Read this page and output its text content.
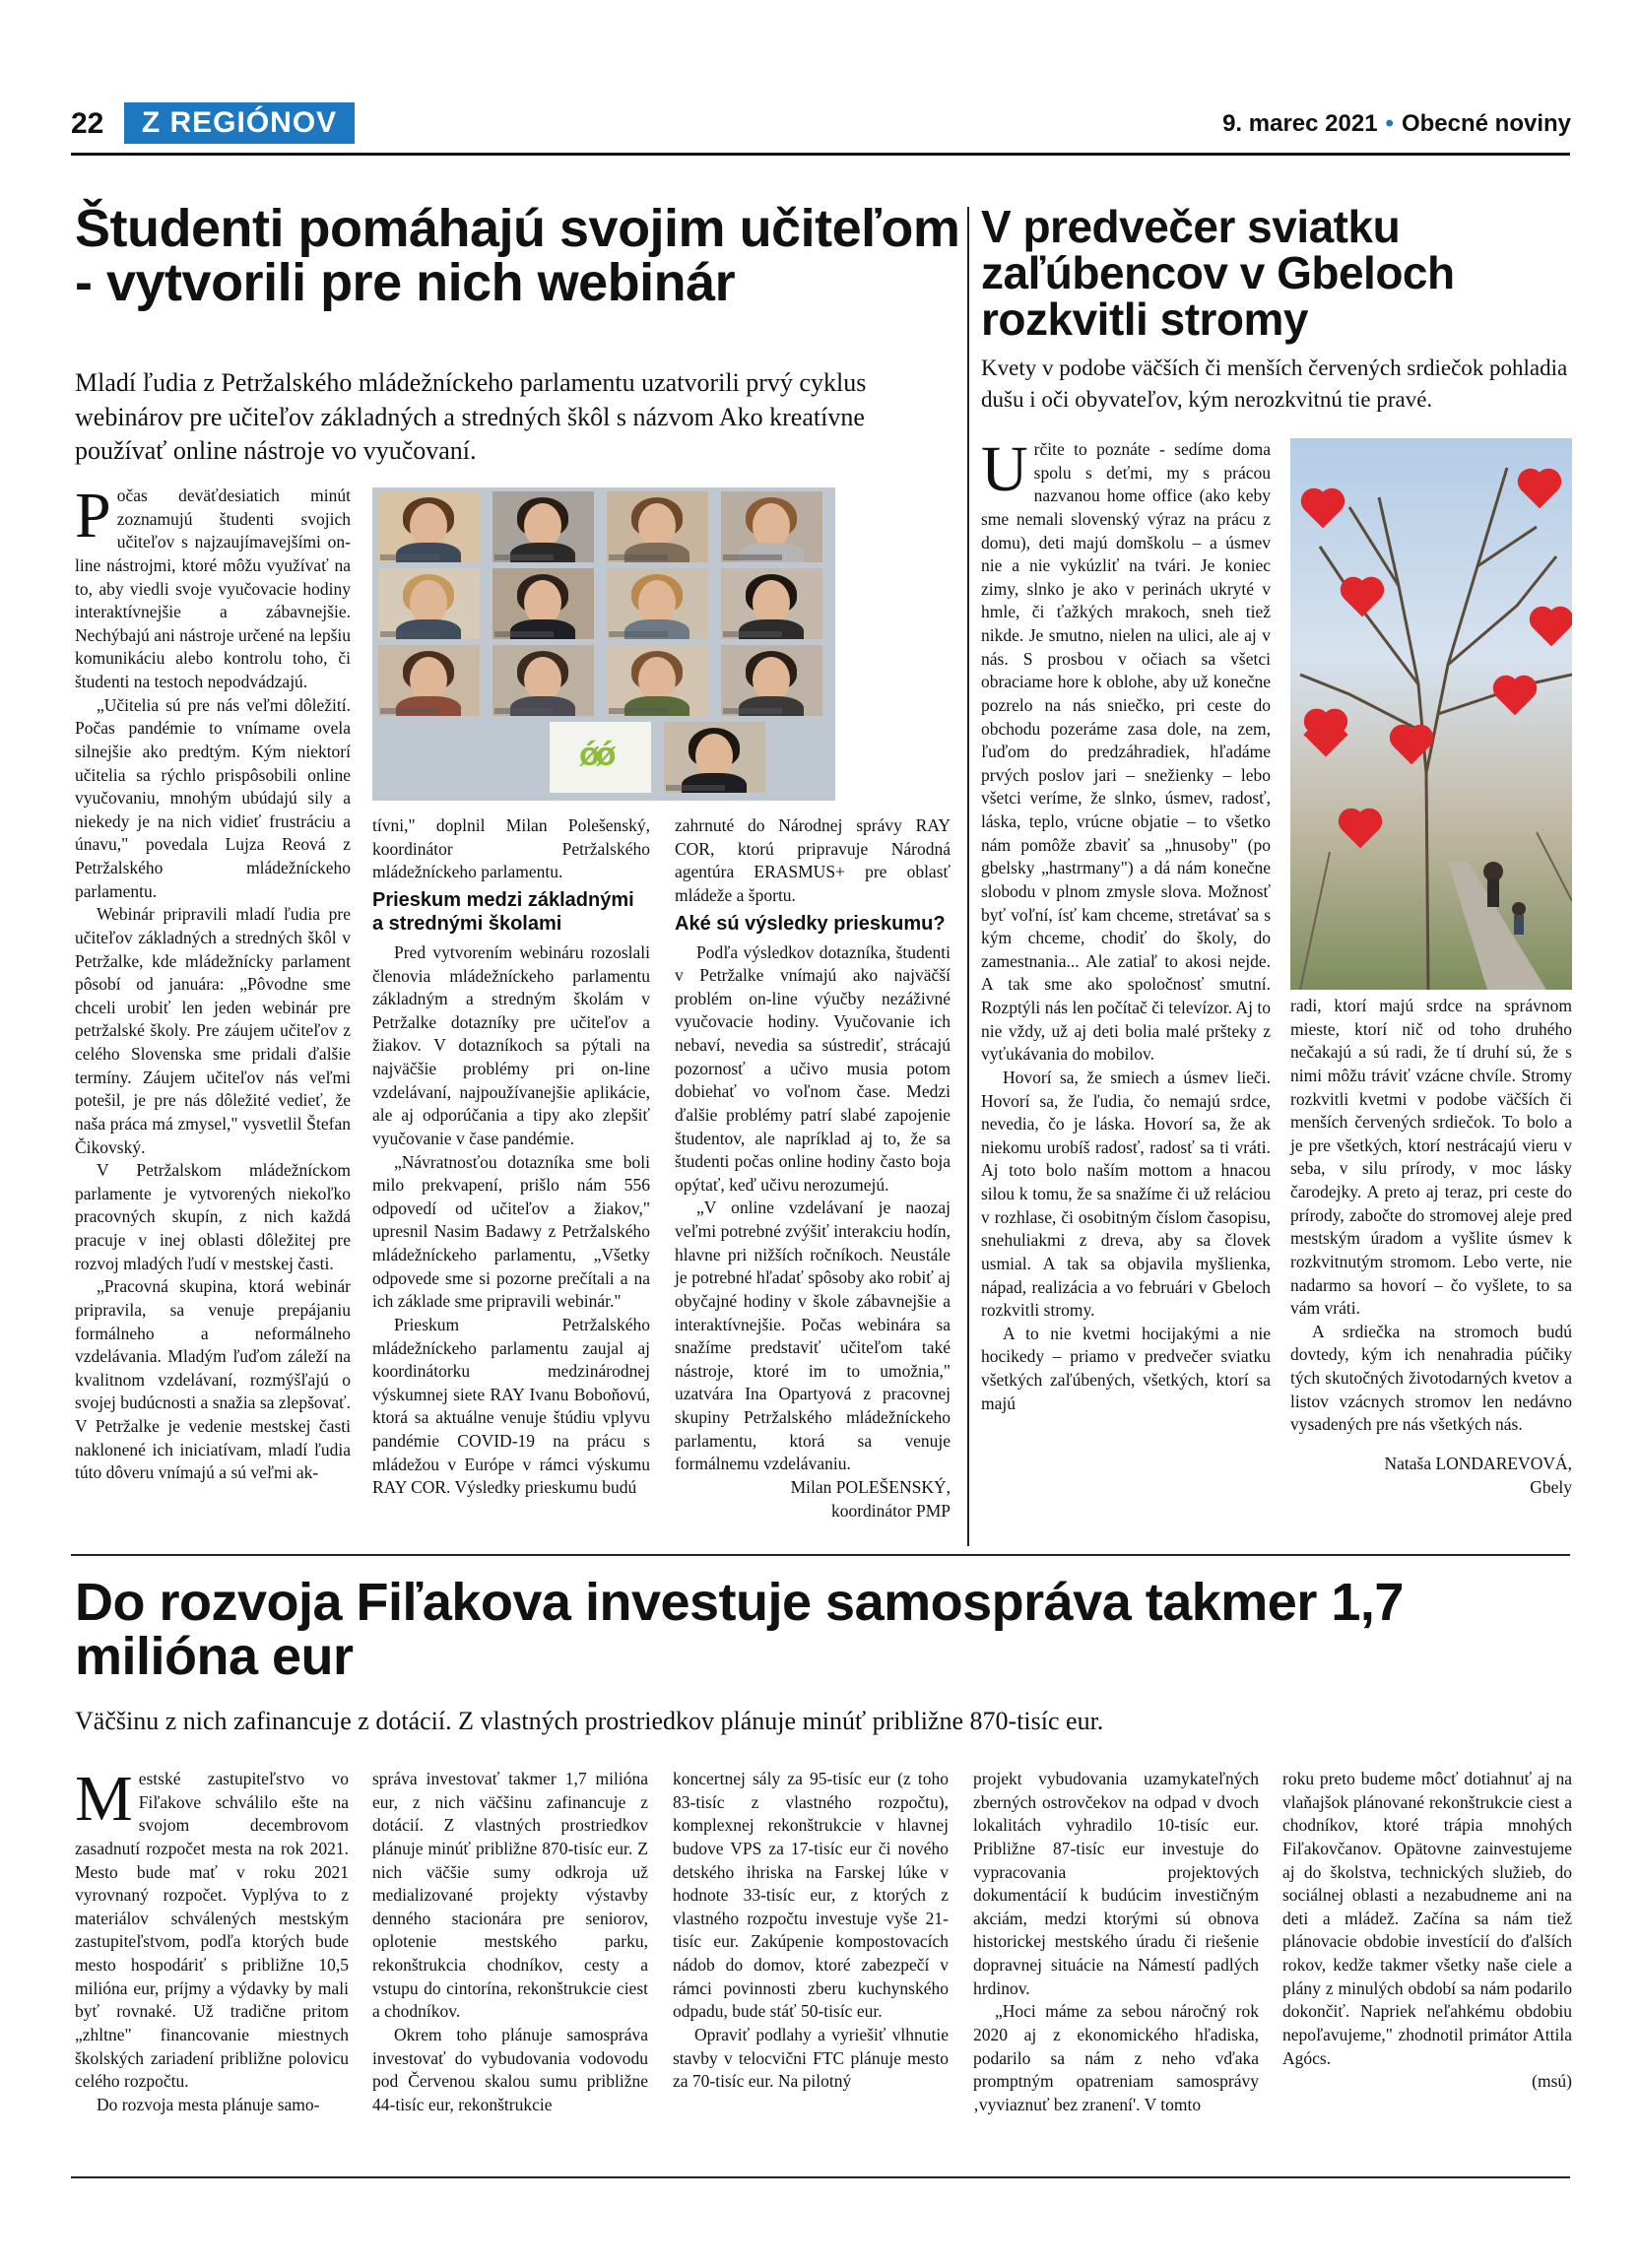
22	Z REGIÓNOV	9. marec 2021 • Obecné noviny
Študenti pomáhajú svojim učiteľom - vytvorili pre nich webinár
Mladí ľudia z Petržalského mládežníckeho parlamentu uzatvorili prvý cyklus webinárov pre učiteľov základných a stredných škôl s názvom Ako kreatívne používať online nástroje vo vyučovaní.

Počas deväťdesiatich minút zoznamujú študenti svojich učiteľov s najzaujímavejšími on-line nástrojmi, ktoré môžu využívať na to, aby viedli svoje vyučovacie hodiny interaktívnejšie a zábavnejšie. Nechýbajú ani nástroje určené na lepšiu komunikáciu alebo kontrolu toho, či študenti na testoch nepodvádzajú.

„Učitelia sú pre nás veľmi dôležití. Počas pandémie to vnímame ovela silnejšie ako predtým. Kým niektorí učitelia sa rýchlo prispôsobili online vyučovaniu, mnohým ubúdajú sily a niekedy je na nich vidieť frustráciu a únavu," povedala Lujza Reová z Petržalského mládežníckeho parlamentu.

Webinár pripravili mladí ľudia pre učiteľov základných a stredných škôl v Petržalke, kde mládežnícky parlament pôsobí od januára: „Pôvodne sme chceli urobiť len jeden webinár pre petržalské školy. Pre záujem učiteľov z celého Slovenska sme pridali ďalšie termíny. Záujem učiteľov nás veľmi potešil, je pre nás dôležité vedieť, že naša práca má zmysel," vysvetlil Štefan Čikovský.

V Petržalskom mládežníckom parlamente je vytvorených niekoľko pracovných skupín, z nich každá pracuje v inej oblasti dôležitej pre rozvoj mladých ľudí v mestskej časti.

„Pracovná skupina, ktorá webinár pripravila, sa venuje prepájaniu formálneho a neformálneho vzdelávania. Mladým ľuďom záleží na kvalitnom vzdelávaní, rozmýšľajú o svojej budúcnosti a snažia sa zlepšovať. V Petržalke je vedenie mestskej časti naklonené ich iniciatívam, mladí ľudia túto dôveru vnímajú a sú veľmi ak-

ǿǿ

tívni," doplnil Milan Polešenský, koordinátor Petržalského mládežníckeho parlamentu.

Prieskum medzi základnými a strednými školami

Pred vytvorením webináru rozoslali členovia mládežníckeho parlamentu základným a stredným školám v Petržalke dotazníky pre učiteľov a žiakov. V dotazníkoch sa pýtali na najväčšie problémy pri on-line vzdelávaní, najpoužívanejšie aplikácie, ale aj odporúčania a tipy ako zlepšiť vyučovanie v čase pandémie.

„Návratnosťou dotazníka sme boli milo prekvapení, prišlo nám 556 odpovedí od učiteľov a žiakov," upresnil Nasim Badawy z Petržalského mládežníckeho parlamentu, „Všetky odpovede sme si pozorne prečítali a na ich základe sme pripravili webinár."

Prieskum Petržalského mládežníckeho parlamentu zaujal aj koordinátorku medzinárodnej výskumnej siete RAY Ivanu Boboňovú, ktorá sa aktuálne venuje štúdiu vplyvu pandémie COVID-19 na prácu s mládežou v Európe v rámci výskumu RAY COR. Výsledky prieskumu budú

zahrnuté do Národnej správy RAY COR, ktorú pripravuje Národná agentúra ERASMUS+ pre oblasť mládeže a športu.

Aké sú výsledky prieskumu?

Podľa výsledkov dotazníka, študenti v Petržalke vnímajú ako najväčší problém on-line výučby nezáživné vyučovacie hodiny. Vyučovanie ich nebaví, nevedia sa sústrediť, strácajú pozornosť a učivo musia potom dobiehať vo voľnom čase. Medzi ďalšie problémy patrí slabé zapojenie študentov, ale napríklad aj to, že sa študenti počas online hodiny často boja opýtať, keď učivu nerozumejú.

„V online vzdelávaní je naozaj veľmi potrebné zvýšiť interakciu hodín, hlavne pri nižších ročníkoch. Neustále je potrebné hľadať spôsoby ako robiť aj obyčajné hodiny v škole zábavnejšie a interaktívnejšie. Počas webinára sa snažíme predstaviť učiteľom také nástroje, ktoré im to umožnia," uzatvára Ina Opartyová z pracovnej skupiny Petržalského mládežníckeho parlamentu, ktorá sa venuje formálnemu vzdelávaniu.

Milan POLEŠENSKÝ,

koordinátor PMP

V predvečer sviatku zaľúbencov v Gbeloch rozkvitli stromy
Kvety v podobe väčších či menších červených srdiečok pohladia dušu i oči obyvateľov, kým nerozkvitnú tie pravé.

Určite to poznáte - sedíme doma spolu s deťmi, my s prácou nazvanou home office (ako keby sme nemali slovenský výraz na prácu z domu), deti majú domškolu – a úsmev nie a nie vykúzliť na tvári. Je koniec zimy, slnko je ako v perinách ukryté v hmle, či ťažkých mrakoch, sneh tiež nikde. Je smutno, nielen na ulici, ale aj v nás. S prosbou v očiach sa všetci obraciame hore k oblohe, aby už konečne pozrelo na nás sniečko, pri ceste do obchodu pozeráme zasa dole, na zem, ľuďom do predzáhradiek, hľadáme prvých poslov jari – snežienky – lebo všetci veríme, že slnko, úsmev, radosť, láska, teplo, vrúcne objatie – to všetko nám pomôže zbaviť sa „hnusoby" (po gbelsky „hastrmany") a dá nám konečne slobodu v plnom zmysle slova. Možnosť byť voľní, ísť kam chceme, stretávať sa s kým chceme, chodiť do školy, do zamestnania... Ale zatiaľ to akosi nejde. A tak sme ako spoločnosť smutní. Rozptýli nás len počítač či televízor. Aj to nie vždy, už aj deti bolia malé pršteky z vyťukávania do mobilov.

Hovorí sa, že smiech a úsmev lieči. Hovorí sa, že ľudia, čo nemajú srdce, nevedia, čo je láska. Hovorí sa, že ak niekomu urobíš radosť, radosť sa ti vráti. Aj toto bolo naším mottom a hnacou silou k tomu, že sa snažíme či už reláciou v rozhlase, či osobitným číslom časopisu, snehuliakmi z dreva, aby sa človek usmial. A tak sa objavila myšlienka, nápad, realizácia a vo februári v Gbeloch rozkvitli stromy.

A to nie kvetmi hocijakými a nie hocikedy – priamo v predvečer sviatku všetkých zaľúbených, všetkých, ktorí sa majú

radi, ktorí majú srdce na správnom mieste, ktorí nič od toho druhého nečakajú a sú radi, že tí druhí sú, že s nimi môžu tráviť vzácne chvíle. Stromy rozkvitli kvetmi v podobe väčších či menších červených srdiečok. To bolo a je pre všetkých, ktorí nestrácajú vieru v seba, v silu prírody, v moc lásky čarodejky. A preto aj teraz, pri ceste do prírody, zabočte do stromovej aleje pred mestským úradom a vyšlite úsmev k rozkvitnutým stromom. Lebo verte, nie nadarmo sa hovorí – čo vyšlete, to sa vám vráti.

A srdiečka na stromoch budú dovtedy, kým ich nenahradia púčiky tých skutočných životodarných kvetov a listov vzácnych stromov len nedávno vysadených pre nás všetkých nás.

Nataša LONDAREVOVÁ,

Gbely

Do rozvoja Fiľakova investuje samospráva takmer 1,7 milióna eur
Väčšinu z nich zafinancuje z dotácií. Z vlastných prostriedkov plánuje minúť približne 870-tisíc eur.

Mestské zastupiteľstvo vo Fiľakove schválilo ešte na svojom decembrovom zasadnutí rozpočet mesta na rok 2021. Mesto bude mať v roku 2021 vyrovnaný rozpočet. Vyplýva to z materiálov schválených mestským zastupiteľstvom, podľa ktorých bude mesto hospodáriť s približne 10,5 milióna eur, príjmy a výdavky by mali byť rovnaké. Už tradične pritom „zhltne" financovanie miestnych školských zariadení približne polovicu celého rozpočtu.

Do rozvoja mesta plánuje samo-

správa investovať takmer 1,7 milióna eur, z nich väčšinu zafinancuje z dotácií. Z vlastných prostriedkov plánuje minúť približne 870-tisíc eur. Z nich väčšie sumy odkroja už medializované projekty výstavby denného stacionára pre seniorov, oplotenie mestského parku, rekonštrukcia chodníkov, cesty a vstupu do cintorína, rekonštrukcie ciest a chodníkov.

Okrem toho plánuje samospráva investovať do vybudovania vodovodu pod Červenou skalou sumu približne 44-tisíc eur, rekonštrukcie

koncertnej sály za 95-tisíc eur (z toho 83-tisíc z vlastného rozpočtu), komplexnej rekonštrukcie v hlavnej budove VPS za 17-tisíc eur či nového detského ihriska na Farskej lúke v hodnote 33-tisíc eur, z ktorých z vlastného rozpočtu investuje vyše 21-tisíc eur. Zakúpenie kompostovacích nádob do domov, ktoré zabezpečí v rámci povinnosti zberu kuchynského odpadu, bude stáť 50-tisíc eur.

Opraviť podlahy a vyriešiť vlhnutie stavby v telocvični FTC plánuje mesto za 70-tisíc eur. Na pilotný

projekt vybudovania uzamykateľných zberných ostrovčekov na odpad v dvoch lokalitách vyhradilo 10-tisíc eur. Približne 87-tisíc eur investuje do vypracovania projektových dokumentácií k budúcim investičným akciám, medzi ktorými sú obnova historickej mestského úradu či riešenie dopravnej situácie na Námestí padlých hrdinov.

„Hoci máme za sebou náročný rok 2020 aj z ekonomického hľadiska, podarilo sa nám z neho vďaka promptným opatreniam samosprávy ‚vyviaznuť bez zranení'. V tomto

roku preto budeme môcť dotiahnuť aj na vlaňajšok plánované rekonštrukcie ciest a chodníkov, ktoré trápia mnohých Fiľakovčanov. Opätovne zainvestujeme aj do školstva, technických služieb, do sociálnej oblasti a nezabudneme ani na deti a mládež. Začína sa nám tiež plánovacie obdobie investícií do ďalších rokov, kedže takmer všetky naše ciele a plány z minulých období sa nám podarilo dokončiť. Napriek neľahkému obdobiu nepoľavujeme," zhodnotil primátor Attila Agócs.

(msú)
